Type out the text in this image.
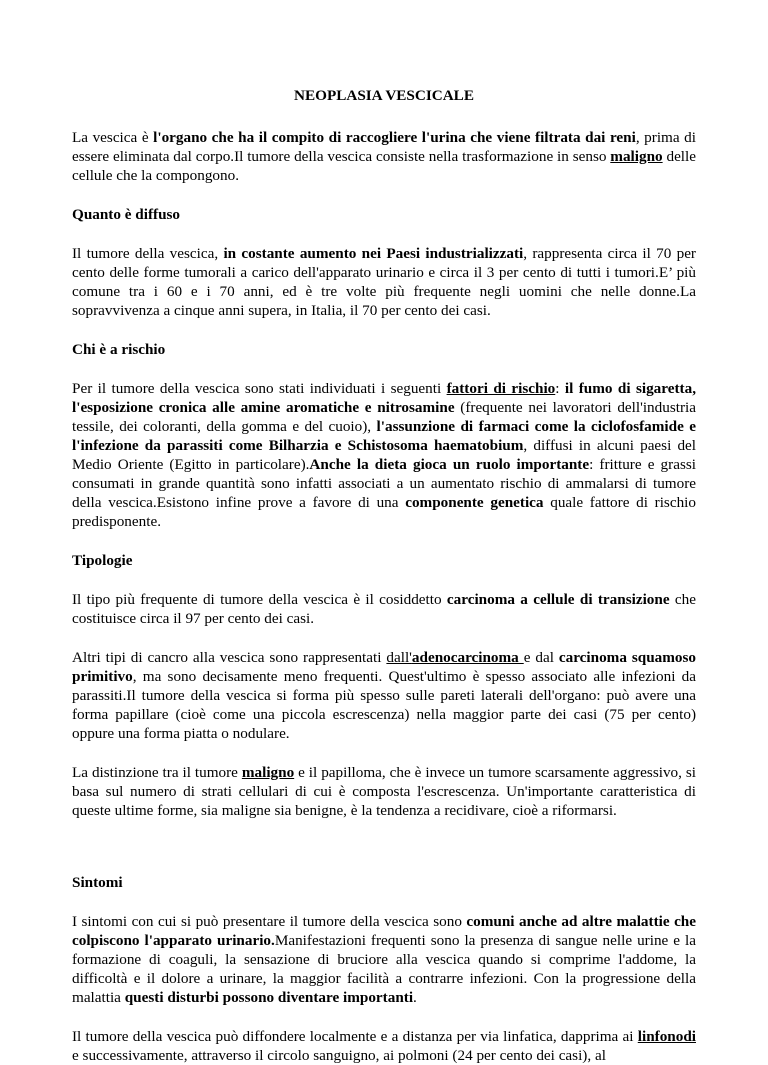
NEOPLASIA VESCICALE

La vescica è l'organo che ha il compito di raccogliere l'urina che viene filtrata dai reni, prima di essere eliminata dal corpo.Il tumore della vescica consiste nella trasformazione in senso maligno delle cellule che la compongono.

Quanto è diffuso

Il tumore della vescica, in costante aumento nei Paesi industrializzati, rappresenta circa il 70 per cento delle forme tumorali a carico dell'apparato urinario e circa il 3 per cento di tutti i tumori.E’ più comune tra i 60 e i 70 anni, ed è tre volte più frequente negli uomini che nelle donne.La sopravvivenza a cinque anni supera, in Italia, il 70 per cento dei casi.

Chi è a rischio

Per il tumore della vescica sono stati individuati i seguenti fattori di rischio: il fumo di sigaretta, l'esposizione cronica alle amine aromatiche e nitrosamine (frequente nei lavoratori dell'industria tessile, dei coloranti, della gomma e del cuoio), l'assunzione di farmaci come la ciclofosfamide e l'infezione da parassiti come Bilharzia e Schistosoma haematobium, diffusi in alcuni paesi del Medio Oriente (Egitto in particolare).Anche la dieta gioca un ruolo importante: fritture e grassi consumati in grande quantità sono infatti associati a un aumentato rischio di ammalarsi di tumore della vescica.Esistono infine prove a favore di una componente genetica quale fattore di rischio predisponente.

Tipologie

Il tipo più frequente di tumore della vescica è il cosiddetto carcinoma a cellule di transizione che costituisce circa il 97 per cento dei casi.

Altri tipi di cancro alla vescica sono rappresentati dall'adenocarcinoma e dal carcinoma squamoso primitivo, ma sono decisamente meno frequenti. Quest'ultimo è spesso associato alle infezioni da parassiti.Il tumore della vescica si forma più spesso sulle pareti laterali dell'organo: può avere una forma papillare (cioè come una piccola escrescenza) nella maggior parte dei casi (75 per cento) oppure una forma piatta o nodulare.

La distinzione tra il tumore maligno e il papilloma, che è invece un tumore scarsamente aggressivo, si basa sul numero di strati cellulari di cui è composta l'escrescenza. Un'importante caratteristica di queste ultime forme, sia maligne sia benigne, è la tendenza a recidivare, cioè a riformarsi.

Sintomi

I sintomi con cui si può presentare il tumore della vescica sono comuni anche ad altre malattie che colpiscono l'apparato urinario.Manifestazioni frequenti sono la presenza di sangue nelle urine e la formazione di coaguli, la sensazione di bruciore alla vescica quando si comprime l'addome, la difficoltà e il dolore a urinare, la maggior facilità a contrarre infezioni. Con la progressione della malattia questi disturbi possono diventare importanti.

Il tumore della vescica può diffondere localmente e a distanza per via linfatica, dapprima ai linfonodi e successivamente, attraverso il circolo sanguigno, ai polmoni (24 per cento dei casi), al
